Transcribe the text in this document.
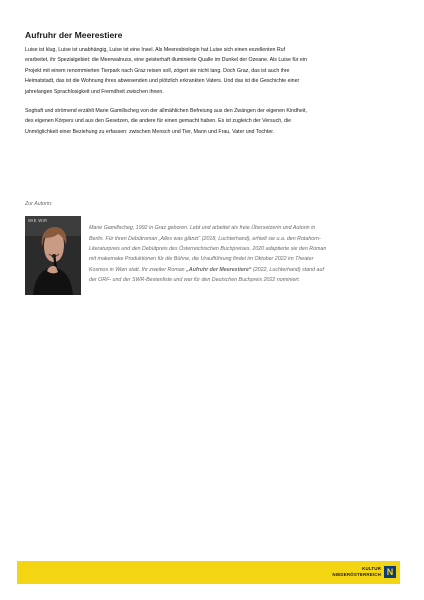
Aufruhr der Meerestiere

Luise ist klug, Luise ist unabhängig, Luise ist eine Insel. Als Meeresbiologin hat Luise sich einen exzellenten Ruf

erarbeitet, ihr Spezialgebiet: die Meerwalnuss, eine geisterhaft illuminierte Qualle im Dunkel der Ozeane. Als Luise für ein

Projekt mit einem renommierten Tierpark nach Graz reisen soll, zögert sie nicht lang. Doch Graz, das ist auch ihre

Heimatstadt, das ist die Wohnung ihres abwesenden und plötzlich erkrankten Vaters. Und das ist die Geschichte einer

jahrelangen Sprachlosigkeit und Fremdheit zwischen ihnen.

Soghaft und strömend erzählt Marie Gamillscheg von der allmählichen Befreiung aus den Zwängen der eigenen Kindheit,

des eigenen Körpers und aus den Gesetzen, die andere für einen gemacht haben. Es ist zugleich der Versuch, die

Unmöglichkeit einer Beziehung zu erfassen: zwischen Mensch und Tier, Mann und Frau, Vater und Tochter.

Zur Autorin:
WIE WIR
Marie Gamillscheg, 1992 in Graz geboren. Lebt und arbeitet als freie Übersetzerin und Autorin in
Berlin. Für ihren Debütroman „Alles was glänzt“ (2018, Luchterhand), erhielt sie u.a. den Rotahorn-
Literaturpreis und den Debütpreis des Österreichischen Buchpreises. 2020 adaptierte sie den Roman
mit makemake Produktionen für die Bühne, die Uraufführung findet im Oktober 2022 im Theater
Kosmos in Wien statt. Ihr zweiter Roman „Aufruhr der Meerestiere“ (2022, Luchterhand) stand auf
der ORF- und der SWR-Bestenliste und war für den Deutschen Buchpreis 2022 nominiert.
KULTUR
NIEDERÖSTERREICH N
